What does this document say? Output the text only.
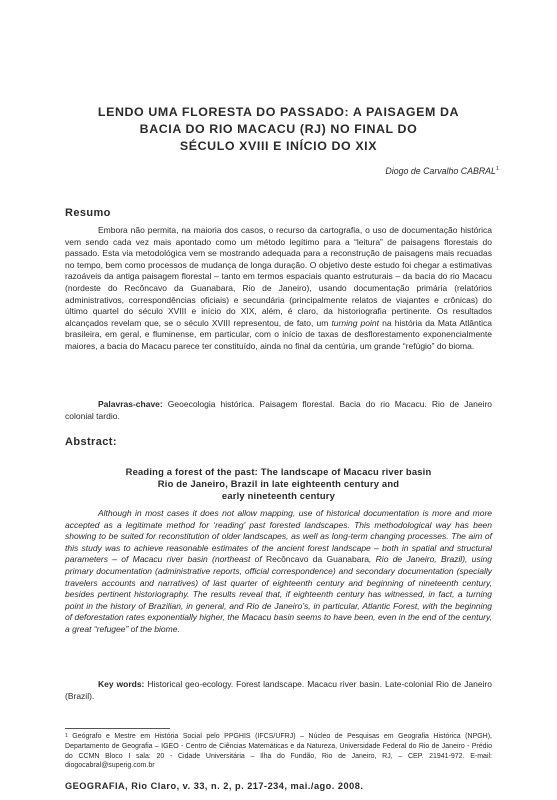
LENDO UMA FLORESTA DO PASSADO: A PAISAGEM DA
BACIA DO RIO MACACU (RJ) NO FINAL DO
SÉCULO XVIII E INÍCIO DO XIX
Diogo de Carvalho CABRAL$^1$
Resumo
Embora não permita, na maioria dos casos, o recurso da cartografia, o uso de documentação histórica vem sendo cada vez mais apontado como um método legítimo para a “leitura” de paisagens florestais do passado. Esta via metodológica vem se mostrando adequada para a reconstrução de paisagens mais recuadas no tempo, bem como processos de mudança de longa duração. O objetivo deste estudo foi chegar a estimativas razoáveis da antiga paisagem florestal – tanto em termos espaciais quanto estruturais – da bacia do rio Macacu (nordeste do Recôncavo da Guanabara, Rio de Janeiro), usando documentação primária (relatórios administrativos, correspondências oficiais) e secundária (principalmente relatos de viajantes e crônicas) do último quartel do século XVIII e início do XIX, além, é claro, da historiografia pertinente. Os resultados alcançados revelam que, se o século XVIII representou, de fato, um turning point na história da Mata Atlântica brasileira, em geral, e fluminense, em particular, com o início de taxas de desflorestamento exponencialmente maiores, a bacia do Macacu parece ter constituído, ainda no final da centúria, um grande “refúgio” do bioma.
Palavras-chave: Geoecologia histórica. Paisagem florestal. Bacia do rio Macacu. Rio de Janeiro colonial tardio.
Abstract:
Reading a forest of the past: The landscape of Macacu river basin
Rio de Janeiro, Brazil in late eighteenth century and
early nineteenth century
Although in most cases it does not allow mapping, use of historical documentation is more and more accepted as a legitimate method for ‘reading’ past forested landscapes. This methodological way has been showing to be suited for reconstitution of older landscapes, as well as long-term changing processes. The aim of this study was to achieve reasonable estimates of the ancient forest landscape – both in spatial and structural parameters – of Macacu river basin (northeast of Recôncavo da Guanabara, Rio de Janeiro, Brazil), using primary documentation (administrative reports, official correspondence) and secondary documentation (specially travelers accounts and narratives) of last quarter of eighteenth century and beginning of nineteenth century, besides pertinent historiography. The results reveal that, if eighteenth century has witnessed, in fact, a turning point in the history of Brazilian, in general, and Rio de Janeiro’s, in particular, Atlantic Forest, with the beginning of deforestation rates exponentially higher, the Macacu basin seems to have been, even in the end of the century, a great “refugee” of the biome.
Key words: Historical geo-ecology. Forest landscape. Macacu river basin. Late-colonial Rio de Janeiro (Brazil).
$^1$ Geógrafo e Mestre em História Social pelo PPGHIS (IFCS/UFRJ) – Núcleo de Pesquisas em Geografia Histórica (NPGH), Departamento de Geografia – IGEO - Centro de Ciências Matemáticas e da Natureza, Universidade Federal do Rio de Janeiro - Prédio do CCMN Bloco I sala: 20 - Cidade Universitária – Ilha do Fundão, Rio de Janeiro, RJ, – CEP. 21941-972. E-mail: diogocabral@superig.com.br
GEOGRAFIA, Rio Claro, v. 33, n. 2, p. 217-234, mai./ago. 2008.
